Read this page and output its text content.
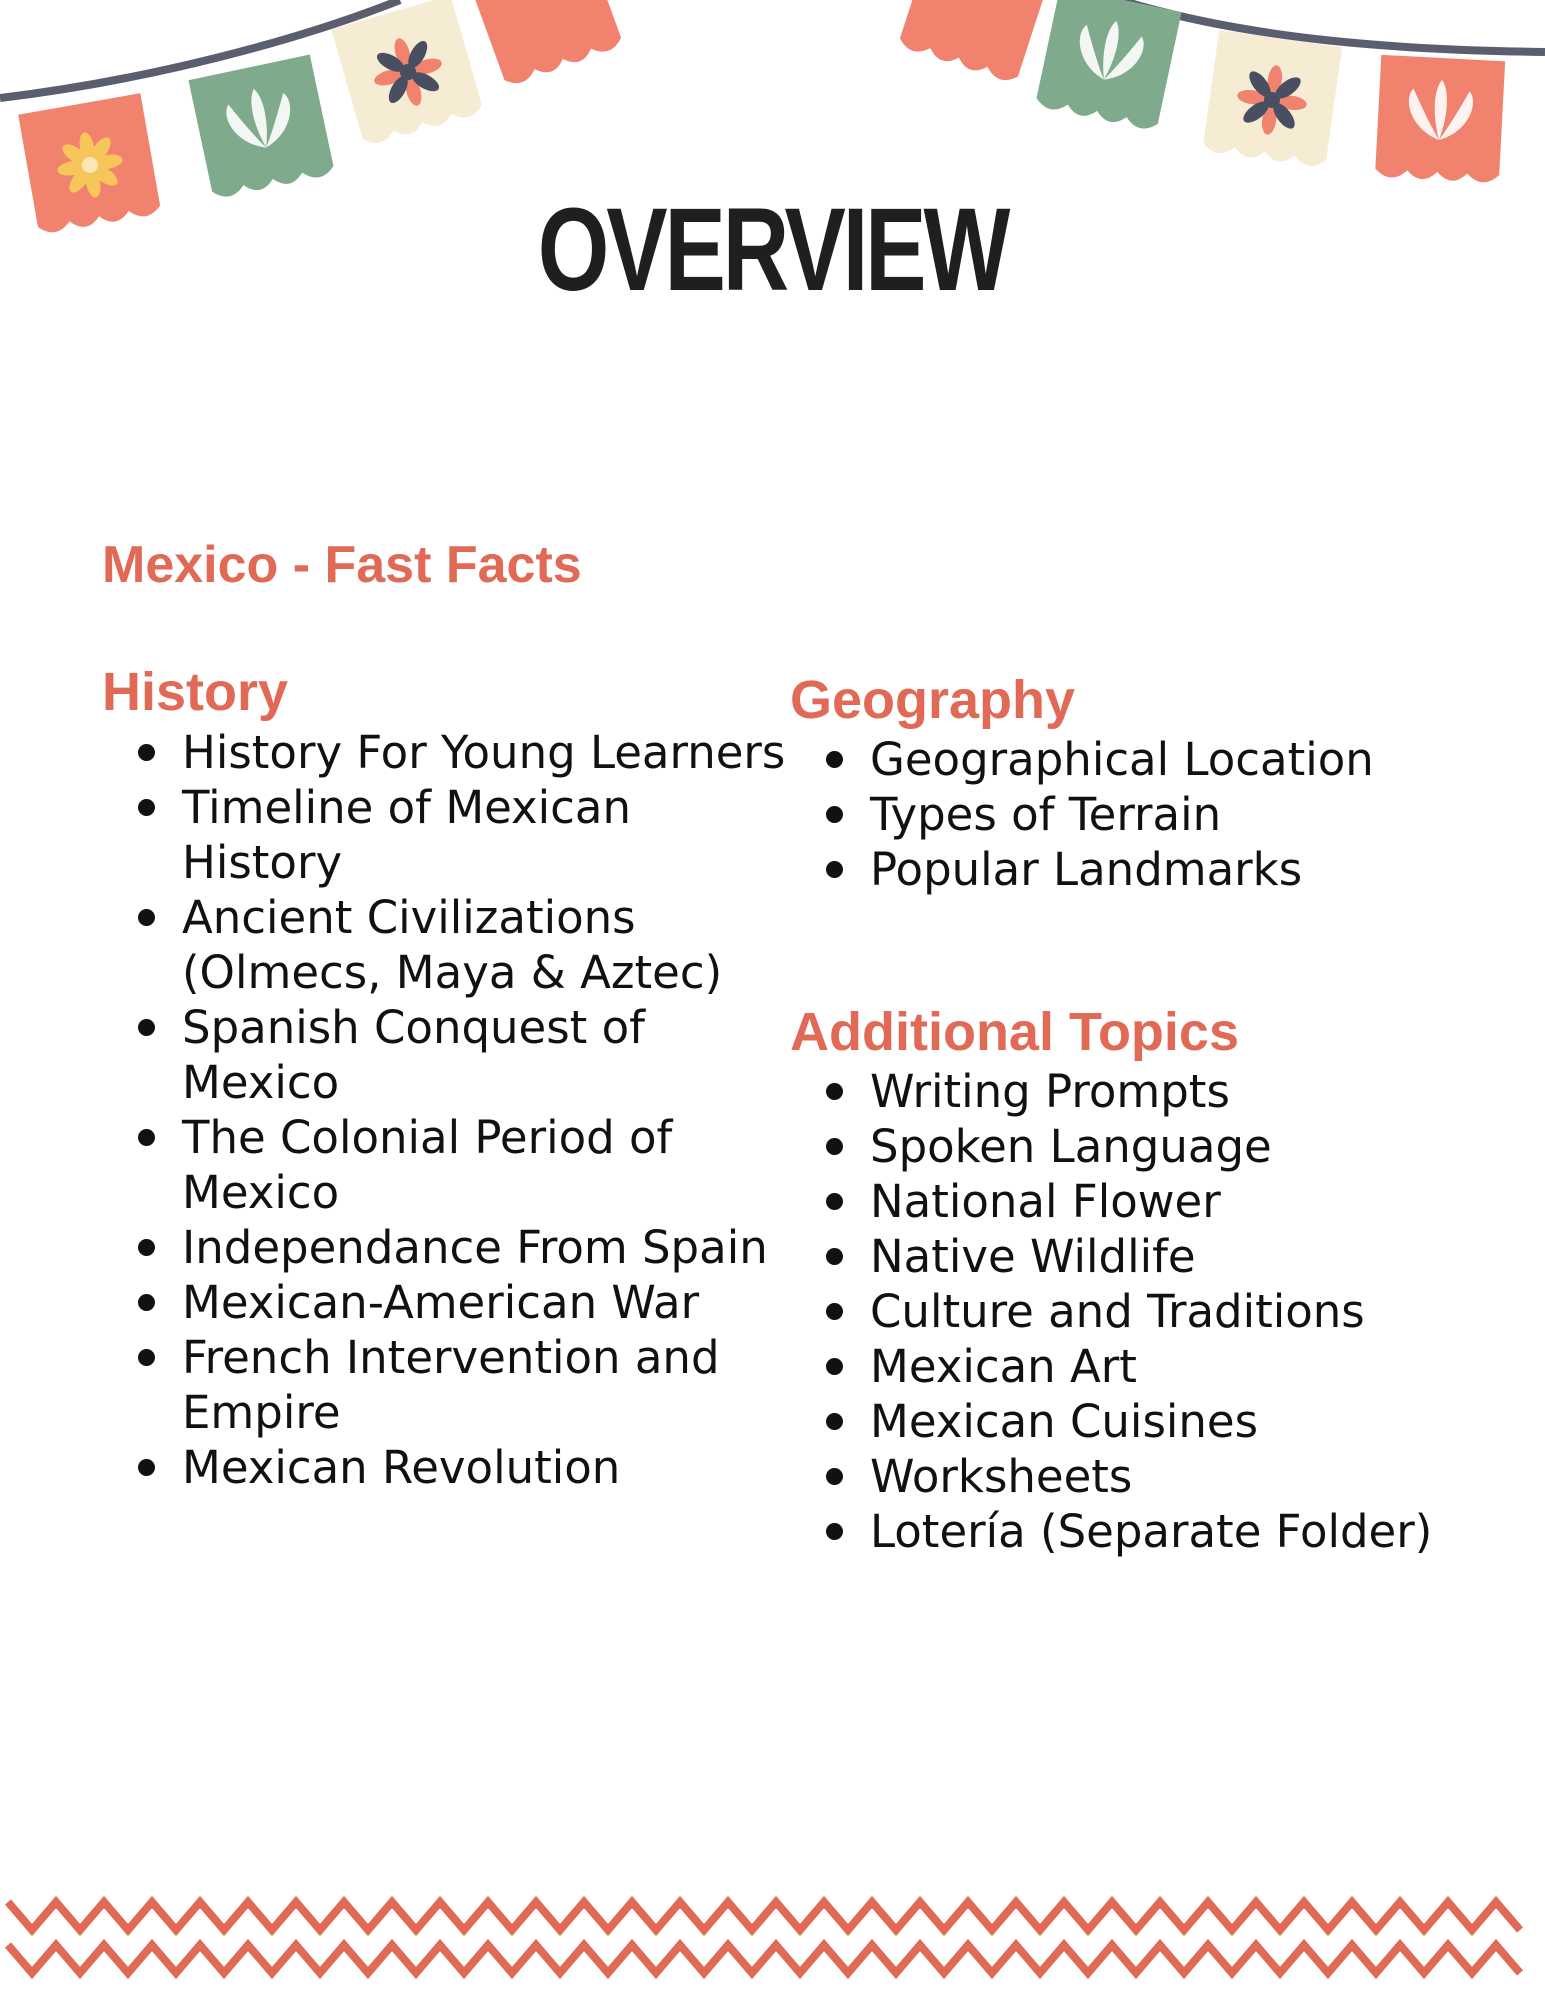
OVERVIEW
Mexico - Fast Facts
History
History For Young Learners
Timeline of Mexican History
Ancient Civilizations (Olmecs, Maya & Aztec)
Spanish Conquest of Mexico
The Colonial Period of Mexico
Independance From Spain
Mexican-American War
French Intervention and Empire
Mexican Revolution
Geography
Geographical Location
Types of Terrain
Popular Landmarks
Additional Topics
Writing Prompts
Spoken Language
National Flower
Native Wildlife
Culture and Traditions
Mexican Art
Mexican Cuisines
Worksheets
Lotería (Separate Folder)
